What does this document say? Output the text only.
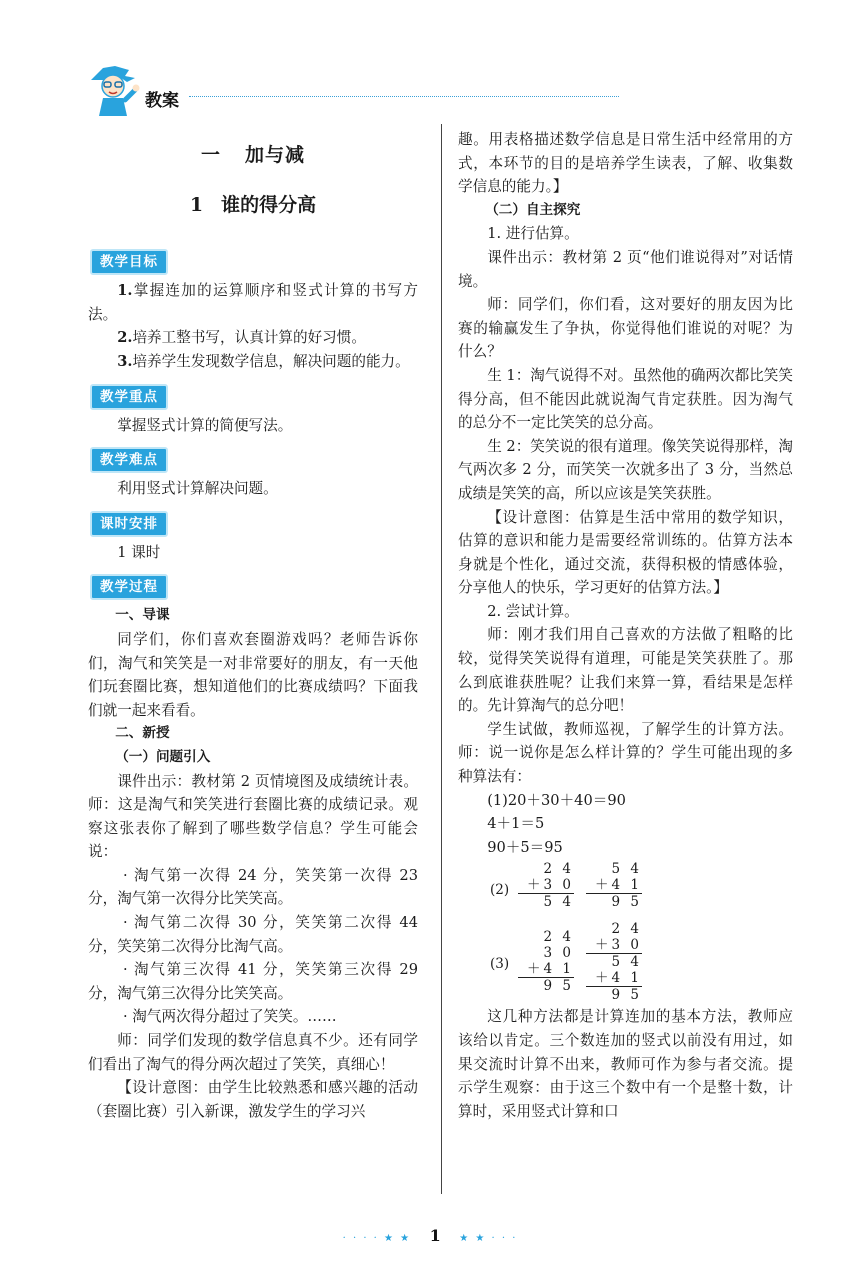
教案
一 加与减
1 谁的得分高
教学目标

1.掌握连加的运算顺序和竖式计算的书写方法。

2.培养工整书写，认真计算的好习惯。

3.培养学生发现数学信息，解决问题的能力。

教学重点

掌握竖式计算的简便写法。

教学难点

利用竖式计算解决问题。

课时安排

1 课时

教学过程

一、导课

同学们，你们喜欢套圈游戏吗？老师告诉你们，淘气和笑笑是一对非常要好的朋友，有一天他们玩套圈比赛，想知道他们的比赛成绩吗？下面我们就一起来看看。

二、新授

（一）问题引入

课件出示：教材第 2 页情境图及成绩统计表。师：这是淘气和笑笑进行套圈比赛的成绩记录。观察这张表你了解到了哪些数学信息？学生可能会说：

· 淘气第一次得 24 分，笑笑第一次得 23 分，淘气第一次得分比笑笑高。

· 淘气第二次得 30 分，笑笑第二次得 44 分，笑笑第二次得分比淘气高。

· 淘气第三次得 41 分，笑笑第三次得 29 分，淘气第三次得分比笑笑高。

· 淘气两次得分超过了笑笑。……

师：同学们发现的数学信息真不少。还有同学们看出了淘气的得分两次超过了笑笑，真细心！

【设计意图：由学生比较熟悉和感兴趣的活动（套圈比赛）引入新课，激发学生的学习兴

趣。用表格描述数学信息是日常生活中经常用的方式，本环节的目的是培养学生读表，了解、收集数学信息的能力。】

（二）自主探究

1. 进行估算。

课件出示：教材第 2 页“他们谁说得对”对话情境。

师：同学们，你们看，这对要好的朋友因为比赛的输赢发生了争执，你觉得他们谁说的对呢？为什么？

生 1：淘气说得不对。虽然他的确两次都比笑笑得分高，但不能因此就说淘气肯定获胜。因为淘气的总分不一定比笑笑的总分高。

生 2：笑笑说的很有道理。像笑笑说得那样，淘气两次多 2 分，而笑笑一次就多出了 3 分，当然总成绩是笑笑的高，所以应该是笑笑获胜。

【设计意图：估算是生活中常用的数学知识，估算的意识和能力是需要经常训练的。估算方法本身就是个性化，通过交流，获得积极的情感体验，分享他人的快乐，学习更好的估算方法。】

2. 尝试计算。

师：刚才我们用自己喜欢的方法做了粗略的比较，觉得笑笑说得有道理，可能是笑笑获胜了。那么到底谁获胜呢？让我们来算一算，看结果是怎样的。先计算淘气的总分吧！

学生试做，教师巡视，了解学生的计算方法。师：说一说你是怎么样计算的？学生可能出现的多种算法有：

(1)20＋30＋40＝90

4＋1＝5

90＋5＝95

(2)
2 4
＋3 0
5 4
5 4
＋4 1
9 5
(3)
2 4
3 0
＋4 1
9 5
2 4
＋3 0
5 4
＋4 1
9 5

这几种方法都是计算连加的基本方法，教师应该给以肯定。三个数连加的竖式以前没有用过，如果交流时计算不出来，教师可作为参与者交流。提示学生观察：由于这三个数中有一个是整十数，计算时，采用竖式计算和口

· · · · ★ ★ 1 ★ ★ · · ·
